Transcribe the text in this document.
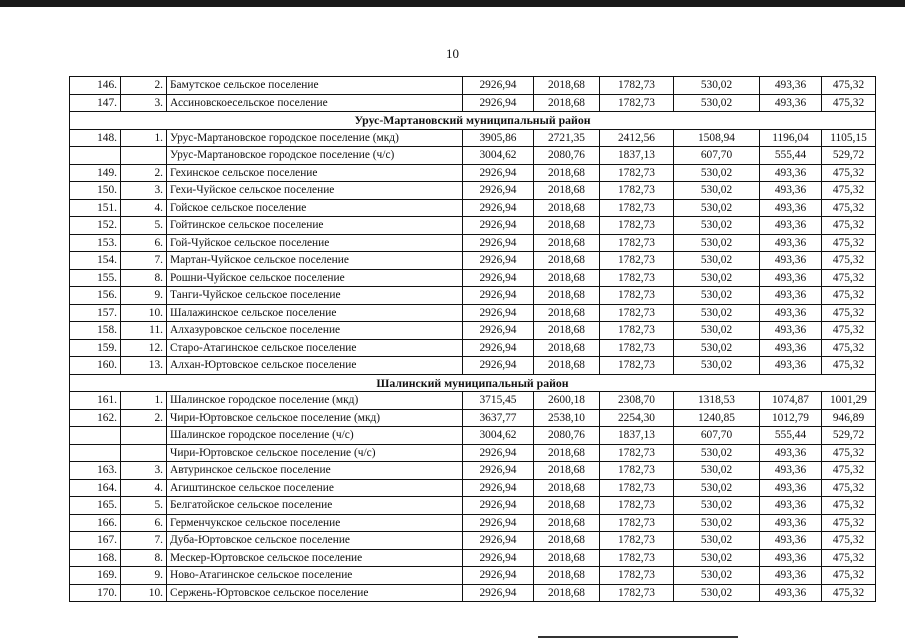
10
146.	2.	Бамутское сельское поселение	2926,94	2018,68	1782,73	530,02	493,36	475,32
147.	3.	Ассиновскоесельское поселение	2926,94	2018,68	1782,73	530,02	493,36	475,32
Урус-Мартановский муниципальный район								
148.	1.	Урус-Мартановское городское поселение (мкд)	3905,86	2721,35	2412,56	1508,94	1196,04	1105,15
		Урус-Мартановское городское поселение (ч/с)	3004,62	2080,76	1837,13	607,70	555,44	529,72
149.	2.	Гехинское сельское поселение	2926,94	2018,68	1782,73	530,02	493,36	475,32
150.	3.	Гехи-Чуйское сельское поселение	2926,94	2018,68	1782,73	530,02	493,36	475,32
151.	4.	Гойское сельское поселение	2926,94	2018,68	1782,73	530,02	493,36	475,32
152.	5.	Гойтинское сельское поселение	2926,94	2018,68	1782,73	530,02	493,36	475,32
153.	6.	Гой-Чуйское сельское поселение	2926,94	2018,68	1782,73	530,02	493,36	475,32
154.	7.	Мартан-Чуйское сельское поселение	2926,94	2018,68	1782,73	530,02	493,36	475,32
155.	8.	Рошни-Чуйское сельское поселение	2926,94	2018,68	1782,73	530,02	493,36	475,32
156.	9.	Танги-Чуйское сельское поселение	2926,94	2018,68	1782,73	530,02	493,36	475,32
157.	10.	Шалажинское сельское поселение	2926,94	2018,68	1782,73	530,02	493,36	475,32
158.	11.	Алхазуровское сельское поселение	2926,94	2018,68	1782,73	530,02	493,36	475,32
159.	12.	Старо-Атагинское сельское поселение	2926,94	2018,68	1782,73	530,02	493,36	475,32
160.	13.	Алхан-Юртовское сельское поселение	2926,94	2018,68	1782,73	530,02	493,36	475,32
Шалинский муниципальный район								
161.	1.	Шалинское городское поселение (мкд)	3715,45	2600,18	2308,70	1318,53	1074,87	1001,29
162.	2.	Чири-Юртовское сельское поселение (мкд)	3637,77	2538,10	2254,30	1240,85	1012,79	946,89
		Шалинское городское поселение (ч/с)	3004,62	2080,76	1837,13	607,70	555,44	529,72
		Чири-Юртовское сельское поселение (ч/с)	2926,94	2018,68	1782,73	530,02	493,36	475,32
163.	3.	Автуринское сельское поселение	2926,94	2018,68	1782,73	530,02	493,36	475,32
164.	4.	Агиштинское сельское поселение	2926,94	2018,68	1782,73	530,02	493,36	475,32
165.	5.	Белгатойское сельское поселение	2926,94	2018,68	1782,73	530,02	493,36	475,32
166.	6.	Герменчукское сельское поселение	2926,94	2018,68	1782,73	530,02	493,36	475,32
167.	7.	Дуба-Юртовское сельское поселение	2926,94	2018,68	1782,73	530,02	493,36	475,32
168.	8.	Мескер-Юртовское сельское поселение	2926,94	2018,68	1782,73	530,02	493,36	475,32
169.	9.	Ново-Атагинское сельское поселение	2926,94	2018,68	1782,73	530,02	493,36	475,32
170.	10.	Сержень-Юртовское сельское поселение	2926,94	2018,68	1782,73	530,02	493,36	475,32
